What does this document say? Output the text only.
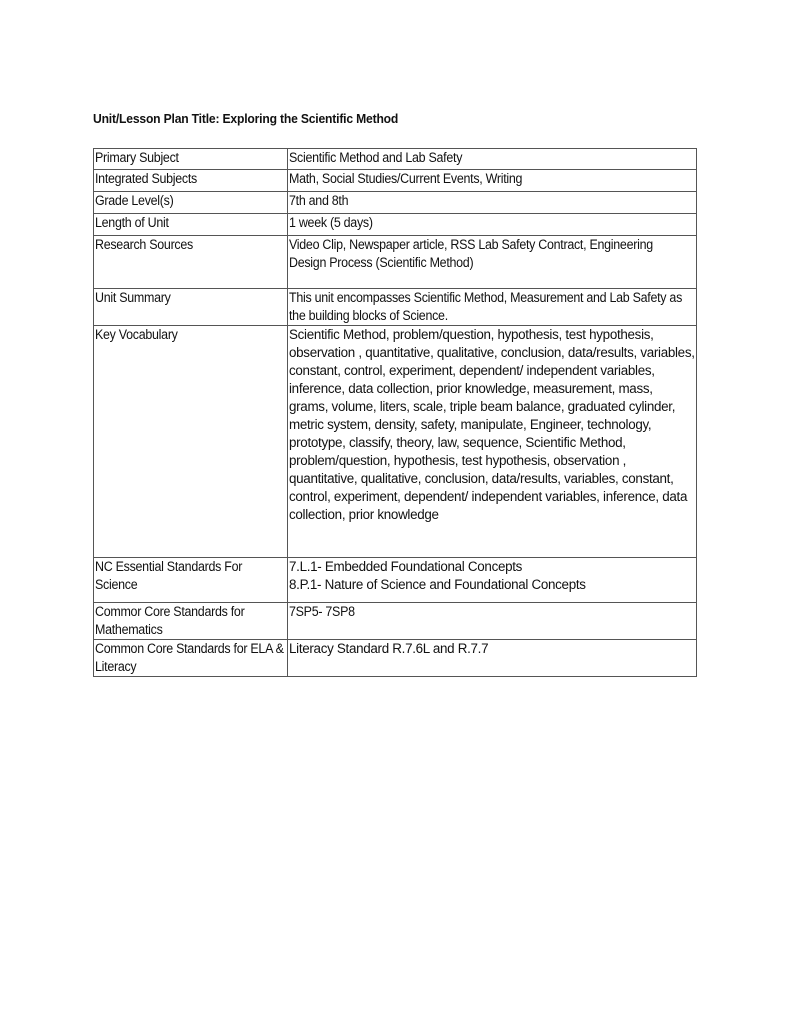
Unit/Lesson Plan Title: Exploring the Scientific Method
Primary Subject	Scientific Method and Lab Safety
Integrated Subjects	Math, Social Studies/Current Events, Writing
Grade Level(s)	7th and 8th
Length of Unit	1 week (5 days)
Research Sources	Video Clip, Newspaper article, RSS Lab Safety Contract, Engineering Design Process (Scientific Method)
Unit Summary	This unit encompasses Scientific Method, Measurement and Lab Safety as the building blocks of Science.
Key Vocabulary	Scientific Method, problem/question, hypothesis, test hypothesis, observation , quantitative, qualitative, conclusion, data/results, variables, constant, control, experiment, dependent/ independent variables, inference, data collection, prior knowledge, measurement, mass, grams, volume, liters, scale, triple beam balance, graduated cylinder, metric system, density, safety, manipulate, Engineer, technology, prototype, classify, theory, law, sequence, Scientific Method, problem/question, hypothesis, test hypothesis, observation , quantitative, qualitative, conclusion, data/results, variables, constant, control, experiment, dependent/ independent variables, inference, data collection, prior knowledge
NC Essential Standards For Science	7.L.1- Embedded Foundational Concepts
8.P.1- Nature of Science and Foundational Concepts

Commor Core Standards for Mathematics	7SP5- 7SP8
Common Core Standards for ELA & Literacy	Literacy Standard R.7.6L and R.7.7
